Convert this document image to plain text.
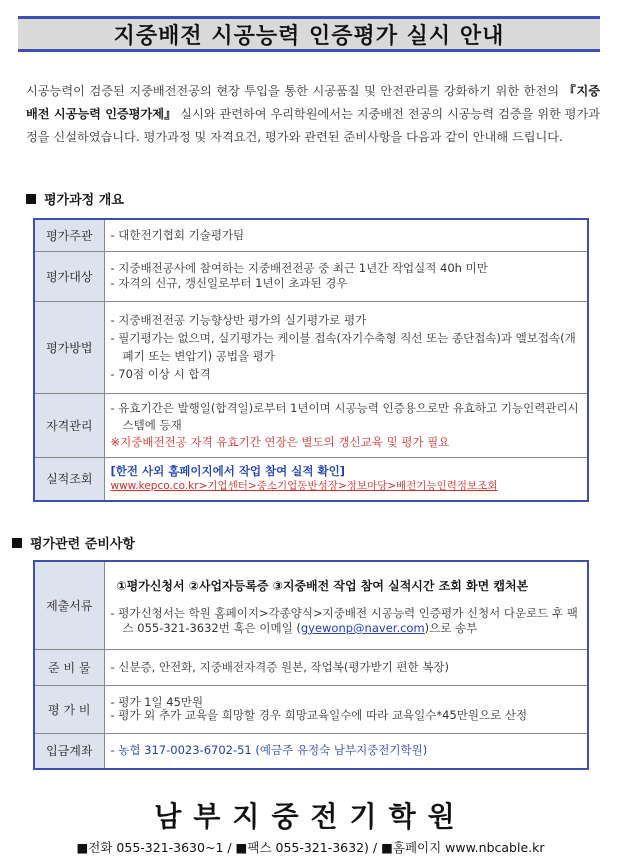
지중배전 시공능력 인증평가 실시 안내
시공능력이 검증된 지중배전전공의 현장 투입을 통한 시공품질 및 안전관리를 강화하기 위한 한전의 『지중배전 시공능력 인증평가제』 실시와 관련하여 우리학원에서는 지중배전 전공의 시공능력 검증을 위한 평가과정을 신설하였습니다. 평가과정 및 자격요건, 평가와 관련된 준비사항을 다음과 같이 안내해 드립니다.
평가과정 개요
평가주관	- 대한전기협회 기술평가팀
평가대상	- 지중배전공사에 참여하는 지중배전전공 중 최근 1년간 작업실적 40h 미만
- 자격의 신규, 갱신일로부터 1년이 초과된 경우

평가방법	- 지중배전전공 기능향상반 평가의 실기평가로 평가
- 필기평가는 없으며, 실기평가는 케이블 접속(자기수축형 직선 또는 종단접속)과 엘보접속(개폐기 또는 변압기) 공법을 평가
- 70점 이상 시 합격

자격관리	- 유효기간은 발행일(합격일)로부터 1년이며 시공능력 인증용으로만 유효하고 기능인력관리시스템에 등재
※지중배전전공 자격 유효기간 연장은 별도의 갱신교육 및 평가 필요

실적조회	[한전 사외 홈페이지에서 작업 참여 실적 확인]
www.kepco.co.kr>기업센터>중소기업동반성장>정보마당>배전기능인력정보조회
평가관련 준비사항
제출서류	①평가신청서 ②사업자등록증 ③지중배전 작업 참여 실적시간 조회 화면 캡처본
- 평가신청서는 학원 홈페이지>각종양식>지중배전 시공능력 인증평가 신청서 다운로드 후 팩스 055-321-3632번 혹은 이메일 (gyewonp@naver.com)으로 송부

준 비 물	- 신분증, 안전화, 지중배전자격증 원본, 작업복(평가받기 편한 복장)
평 가 비	- 평가 1일 45만원
- 평가 외 추가 교육을 희망할 경우 희망교육일수에 따라 교육일수*45만원으로 산정

입금계좌	- 농협 317-0023-6702-51 (예금주 유정숙 남부지중전기학원)
남부지중전기학원
■전화 055-321-3630~1 / ■팩스 055-321-3632) / ■홈페이지 www.nbcable.kr
